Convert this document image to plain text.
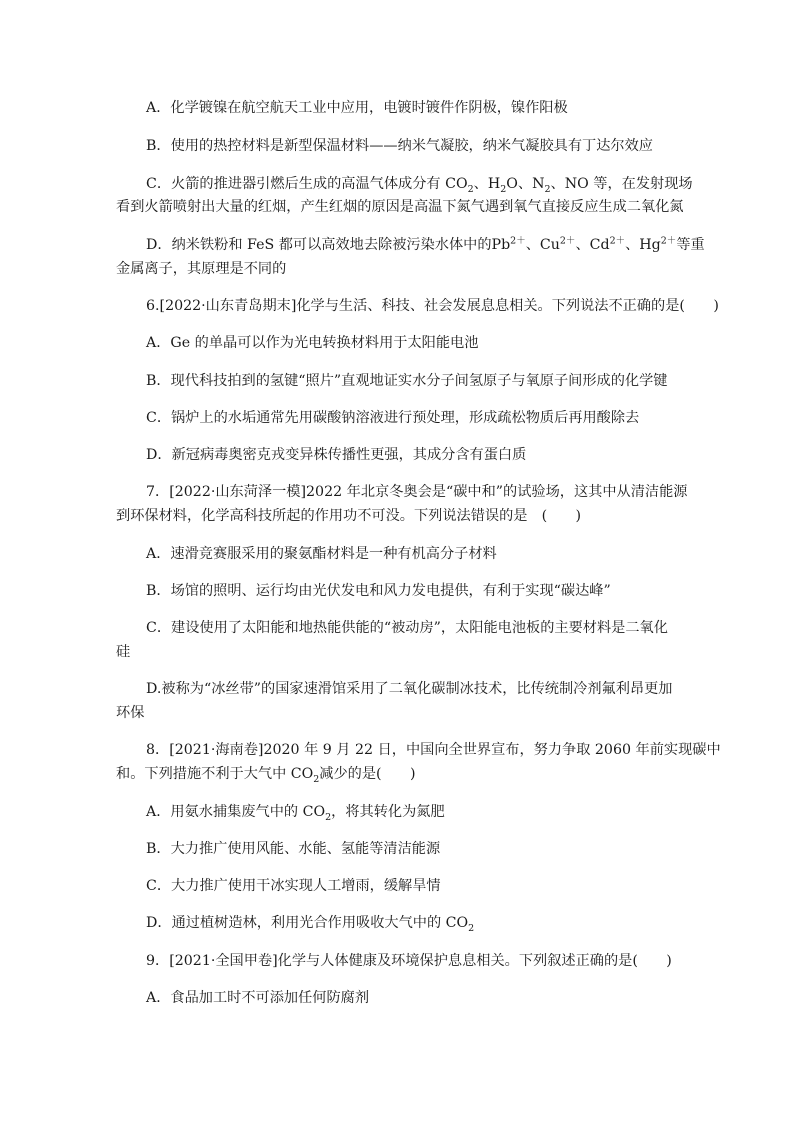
A．化学镀镍在航空航天工业中应用，电镀时镀件作阴极，镍作阳极
B．使用的热控材料是新型保温材料——纳米气凝胶，纳米气凝胶具有丁达尔效应
C．火箭的推进器引燃后生成的高温气体成分有 $CO_2$、$H_2O$、$N_2$、NO 等，在发射现场
看到火箭喷射出大量的红烟，产生红烟的原因是高温下氮气遇到氧气直接反应生成二氧化氮
D．纳米铁粉和 FeS 都可以高效地去除被污染水体中的$Pb^{2+}$、$Cu^{2+}$、$Cd^{2+}$、$Hg^{2+}$等重
金属离子，其原理是不同的
6.[2022·山东青岛期末]化学与生活、科技、社会发展息息相关。下列说法不正确的是(　　)
A．Ge 的单晶可以作为光电转换材料用于太阳能电池
B．现代科技拍到的氢键“照片”直观地证实水分子间氢原子与氧原子间形成的化学键
C．锅炉上的水垢通常先用碳酸钠溶液进行预处理，形成疏松物质后再用酸除去
D．新冠病毒奥密克戎变异株传播性更强，其成分含有蛋白质
7．[2022·山东菏泽一模]2022 年北京冬奥会是“碳中和”的试验场，这其中从清洁能源
到环保材料，化学高科技所起的作用功不可没。下列说法错误的是　(　　)
A．速滑竞赛服采用的聚氨酯材料是一种有机高分子材料
B．场馆的照明、运行均由光伏发电和风力发电提供，有利于实现“碳达峰”
C．建设使用了太阳能和地热能供能的“被动房”，太阳能电池板的主要材料是二氧化
硅
D.被称为“冰丝带”的国家速滑馆采用了二氧化碳制冰技术，比传统制冷剂氟利昂更加
环保
8．[2021·海南卷]2020 年 9 月 22 日，中国向全世界宣布，努力争取 2060 年前实现碳中
和。下列措施不利于大气中 $CO_2$减少的是(　　)
A．用氨水捕集废气中的 $CO_2$，将其转化为氮肥
B．大力推广使用风能、水能、氢能等清洁能源
C．大力推广使用干冰实现人工增雨，缓解旱情
D．通过植树造林，利用光合作用吸收大气中的 $CO_2$
9．[2021·全国甲卷]化学与人体健康及环境保护息息相关。下列叙述正确的是(　　)
A．食品加工时不可添加任何防腐剂
